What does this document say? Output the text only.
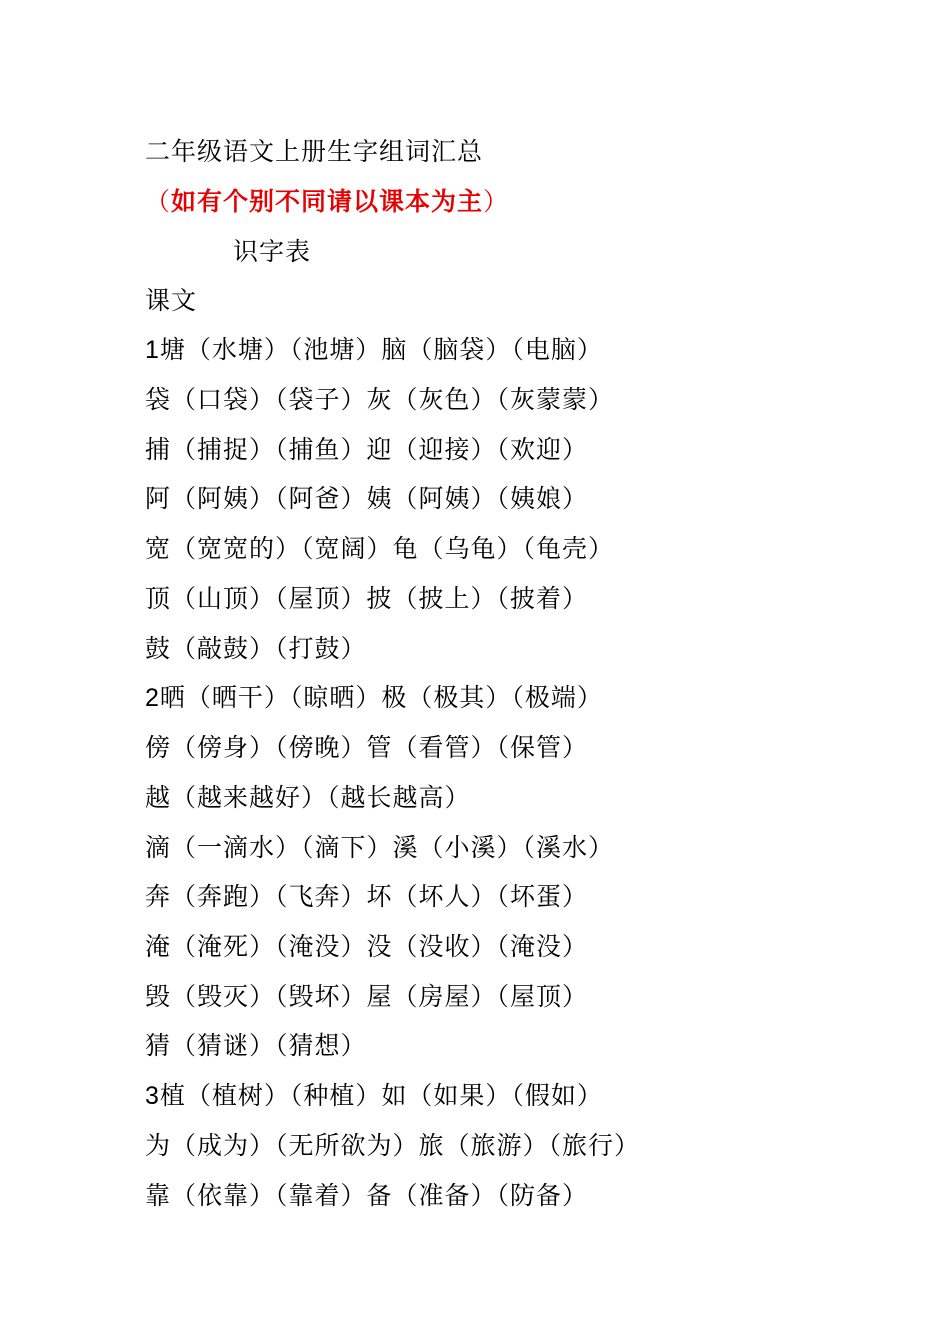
二年级语文上册生字组词汇总
（如有个别不同请以课本为主）
识字表
课文
1塘（水塘）（池塘）脑（脑袋）（电脑）
袋（口袋）（袋子）灰（灰色）（灰蒙蒙）
捕（捕捉）（捕鱼）迎（迎接）（欢迎）
阿（阿姨）（阿爸）姨（阿姨）（姨娘）
宽（宽宽的）（宽阔）龟（乌龟）（龟壳）
顶（山顶）（屋顶）披（披上）（披着）
鼓（敲鼓）（打鼓）
2晒（晒干）（晾晒）极（极其）（极端）
傍（傍身）（傍晚）管（看管）（保管）
越（越来越好）（越长越高）
滴（一滴水）（滴下）溪（小溪）（溪水）
奔（奔跑）（飞奔）坏（坏人）（坏蛋）
淹（淹死）（淹没）没（没收）（淹没）
毁（毁灭）（毁坏）屋（房屋）（屋顶）
猜（猜谜）（猜想）
3植（植树）（种植）如（如果）（假如）
为（成为）（无所欲为）旅（旅游）（旅行）
靠（依靠）（靠着）备（准备）（防备）
